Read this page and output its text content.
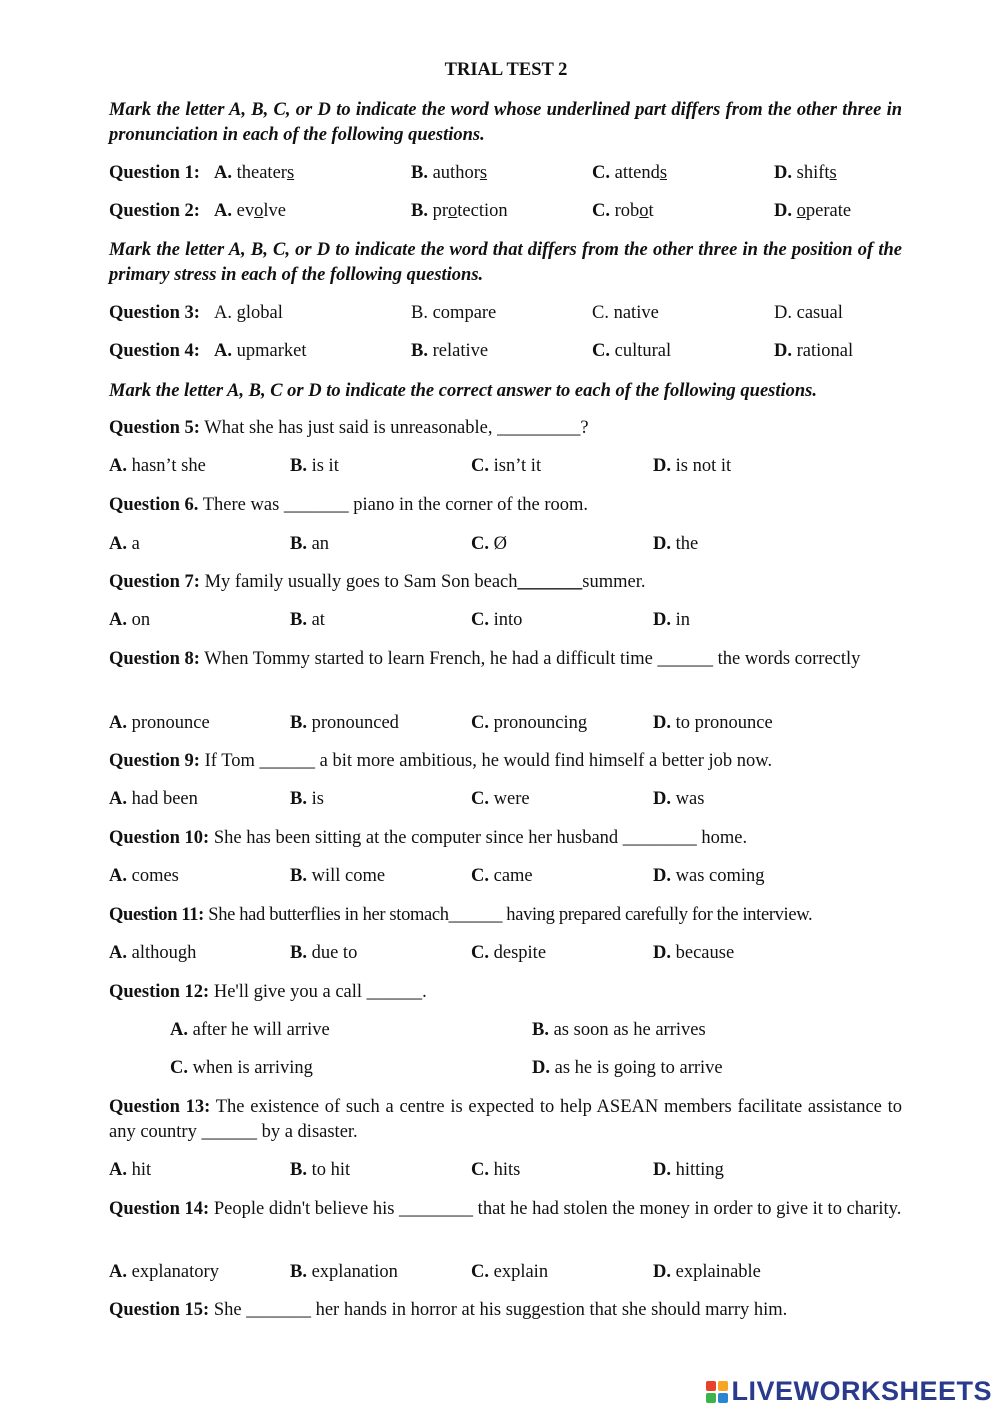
TRIAL TEST 2
Mark the letter A, B, C, or D to indicate the word whose underlined part differs from the other three in pronunciation in each of the following questions.
Question 1: A. theaters	B. authors	C. attends	D. shifts
Question 2: A. evolve	B. protection	C. robot	D. operate
Mark the letter A, B, C, or D to indicate the word that differs from the other three in the position of the primary stress in each of the following questions.
Question 3: A. global	B. compare	C. native	D. casual
Question 4: A. upmarket	B. relative	C. cultural	D. rational
Mark the letter A, B, C or D to indicate the correct answer to each of the following questions.
Question 5: What she has just said is unreasonable, _________?
A. hasn’t she	B. is it	C. isn’t it	D. is not it
Question 6. There was _______ piano in the corner of the room.
A. a	B. an	C. Ø	D. the
Question 7: My family usually goes to Sam Son beach_______summer.
A. on	B. at	C. into	D. in
Question 8: When Tommy started to learn French, he had a difficult time ______ the words correctly
A. pronounce	B. pronounced	C. pronouncing	D. to pronounce
Question 9: If Tom ______ a bit more ambitious, he would find himself a better job now.
A. had been	B. is	C. were	D. was
Question 10: She has been sitting at the computer since her husband ________ home.
A. comes	B. will come	C. came	D. was coming
Question 11: She had butterflies in her stomach______ having prepared carefully for the interview.
A. although	B. due to	C. despite	D. because
Question 12: He'll give you a call ______.
A. after he will arrive	B. as soon as he arrives
C. when is arriving	D. as he is going to arrive
Question 13: The existence of such a centre is expected to help ASEAN members facilitate assistance to any country ______ by a disaster.
A. hit	B. to hit	C. hits	D. hitting
Question 14: People didn't believe his ________ that he had stolen the money in order to give it to charity.
A. explanatory	B. explanation	C. explain	D. explainable
Question 15: She _______ her hands in horror at his suggestion that she should marry him.
LIVEWORKSHEETS
